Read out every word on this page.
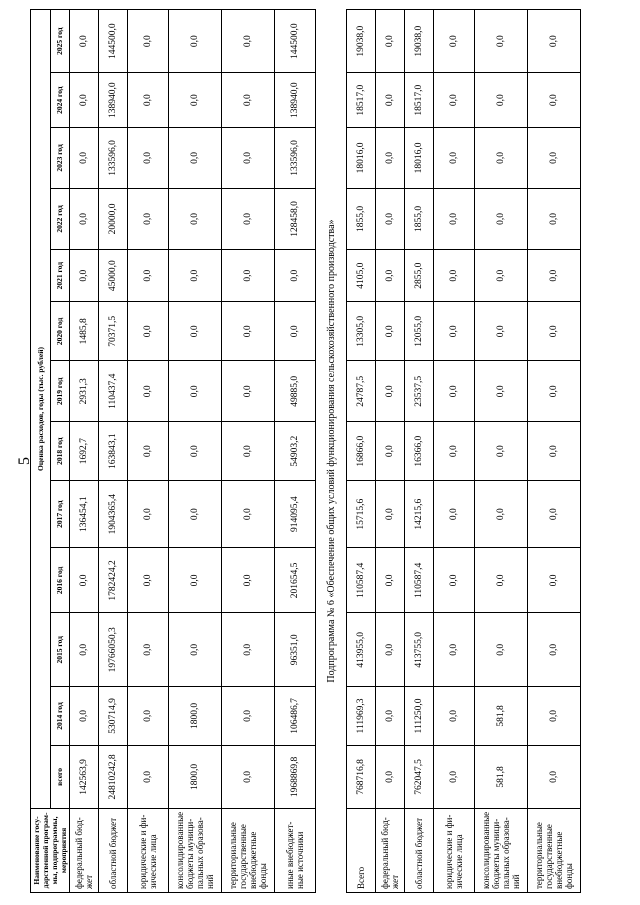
5
Наименование госу-дарственной програм-мы, подпрограммы, мероприятия	Оценка расходов, годы (тыс. рублей)												
	всего	2014 год	2015 год	2016 год	2017 год	2018 год	2019 год	2020 год	2021 год	2022 год	2023 год	2024 год	2025 год
федеральный бюд-жет	142563,9	0,0	0,0	0,0	136454,1	1692,7	2931,3	1485,8	0,0	0,0	0,0	0,0	0,0
областной бюджет	24810242,8	530714,9	19766050,3	1782424,2	1904365,4	163843,1	110437,4	70371,5	45000,0	20000,0	133596,0	138940,0	144500,0
юридические и фи-зические лица	0,0	0,0	0,0	0,0	0,0	0,0	0,0	0,0	0,0	0,0	0,0	0,0	0,0
консолидированные бюджеты муници-пальных образова-ний	1800,0	1800,0	0,0	0,0	0,0	0,0	0,0	0,0	0,0	0,0	0,0	0,0	0,0
территориальные государственные внебюджетные фонды	0,0	0,0	0,0	0,0	0,0	0,0	0,0	0,0	0,0	0,0	0,0	0,0	0,0
иные внебюджет-ные источники	1968869,8	106486,7	96351,0	201654,5	914095,4	54903,2	49885,0	0,0	0,0	128458,0	133596,0	138940,0	144500,0
Подпрограмма № 6 «Обеспечение общих условий функционирования сельскохозяйственного производства»													
Всего	768716,8	111969,3	413955,0	110587,4	15715,6	16866,0	24787,5	13305,0	4105,0	1855,0	18016,0	18517,0	19038,0
федеральный бюд-жет	0,0	0,0	0,0	0,0	0,0	0,0	0,0	0,0	0,0	0,0	0,0	0,0	0,0
областной бюджет	762047,5	111250,0	413755,0	110587,4	14215,6	16366,0	23537,5	12055,0	2855,0	1855,0	18016,0	18517,0	19038,0
юридические и фи-зические лица	0,0	0,0	0,0	0,0	0,0	0,0	0,0	0,0	0,0	0,0	0,0	0,0	0,0
консолидированные бюджеты муници-пальных образова-ний	581,8	581,8	0,0	0,0	0,0	0,0	0,0	0,0	0,0	0,0	0,0	0,0	0,0
территориальные государственные внебюджетные фонды	0,0	0,0	0,0	0,0	0,0	0,0	0,0	0,0	0,0	0,0	0,0	0,0	0,0
